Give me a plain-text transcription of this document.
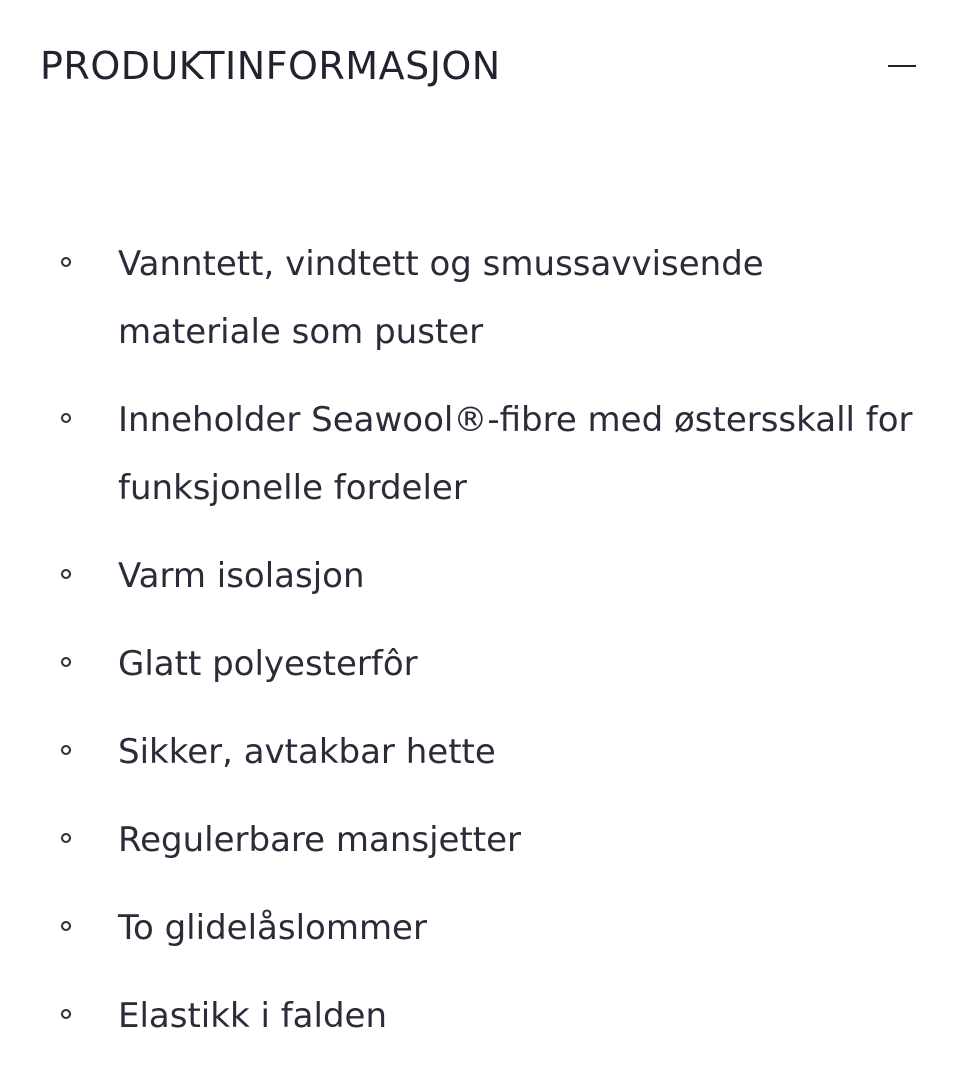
PRODUKTINFORMASJON
Vanntett, vindtett og smussavvisende materiale som puster
Inneholder Seawool®-fibre med østersskall for funksjonelle fordeler
Varm isolasjon
Glatt polyesterfôr
Sikker, avtakbar hette
Regulerbare mansjetter
To glidelåslommer
Elastikk i falden
